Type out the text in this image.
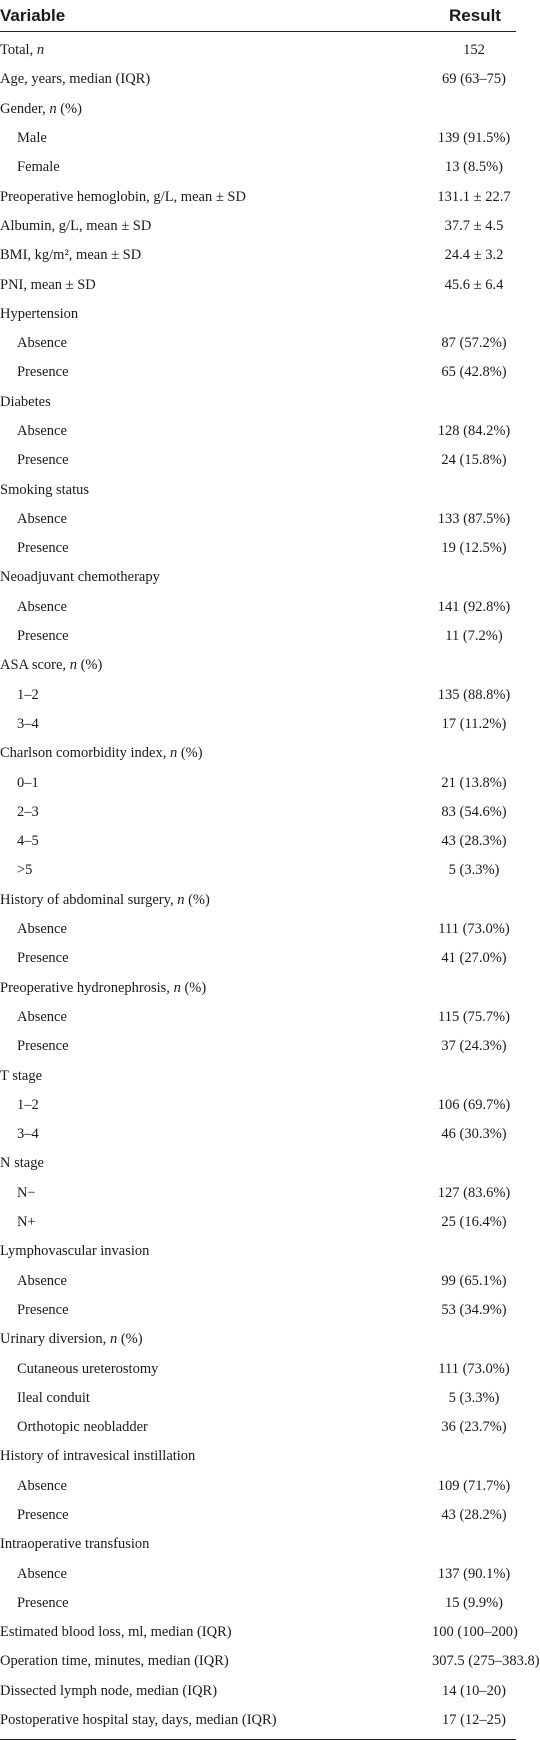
Variable	Result
Total, n	152
Age, years, median (IQR)	69 (63–75)
Gender, n (%)
Male	139 (91.5%)
Female	13 (8.5%)
Preoperative hemoglobin, g/L, mean ± SD	131.1 ± 22.7
Albumin, g/L, mean ± SD	37.7 ± 4.5
BMI, kg/m², mean ± SD	24.4 ± 3.2
PNI, mean ± SD	45.6 ± 6.4
Hypertension
Absence	87 (57.2%)
Presence	65 (42.8%)
Diabetes
Absence	128 (84.2%)
Presence	24 (15.8%)
Smoking status
Absence	133 (87.5%)
Presence	19 (12.5%)
Neoadjuvant chemotherapy
Absence	141 (92.8%)
Presence	11 (7.2%)
ASA score, n (%)
1–2	135 (88.8%)
3–4	17 (11.2%)
Charlson comorbidity index, n (%)
0–1	21 (13.8%)
2–3	83 (54.6%)
4–5	43 (28.3%)
>5	5 (3.3%)
History of abdominal surgery, n (%)
Absence	111 (73.0%)
Presence	41 (27.0%)
Preoperative hydronephrosis, n (%)
Absence	115 (75.7%)
Presence	37 (24.3%)
T stage
1–2	106 (69.7%)
3–4	46 (30.3%)
N stage
N−	127 (83.6%)
N+	25 (16.4%)
Lymphovascular invasion
Absence	99 (65.1%)
Presence	53 (34.9%)
Urinary diversion, n (%)
Cutaneous ureterostomy	111 (73.0%)
Ileal conduit	5 (3.3%)
Orthotopic neobladder	36 (23.7%)
History of intravesical instillation
Absence	109 (71.7%)
Presence	43 (28.2%)
Intraoperative transfusion
Absence	137 (90.1%)
Presence	15 (9.9%)
Estimated blood loss, ml, median (IQR)	100 (100–200)
Operation time, minutes, median (IQR)	307.5 (275–383.8)
Dissected lymph node, median (IQR)	14 (10–20)
Postoperative hospital stay, days, median (IQR)	17 (12–25)
